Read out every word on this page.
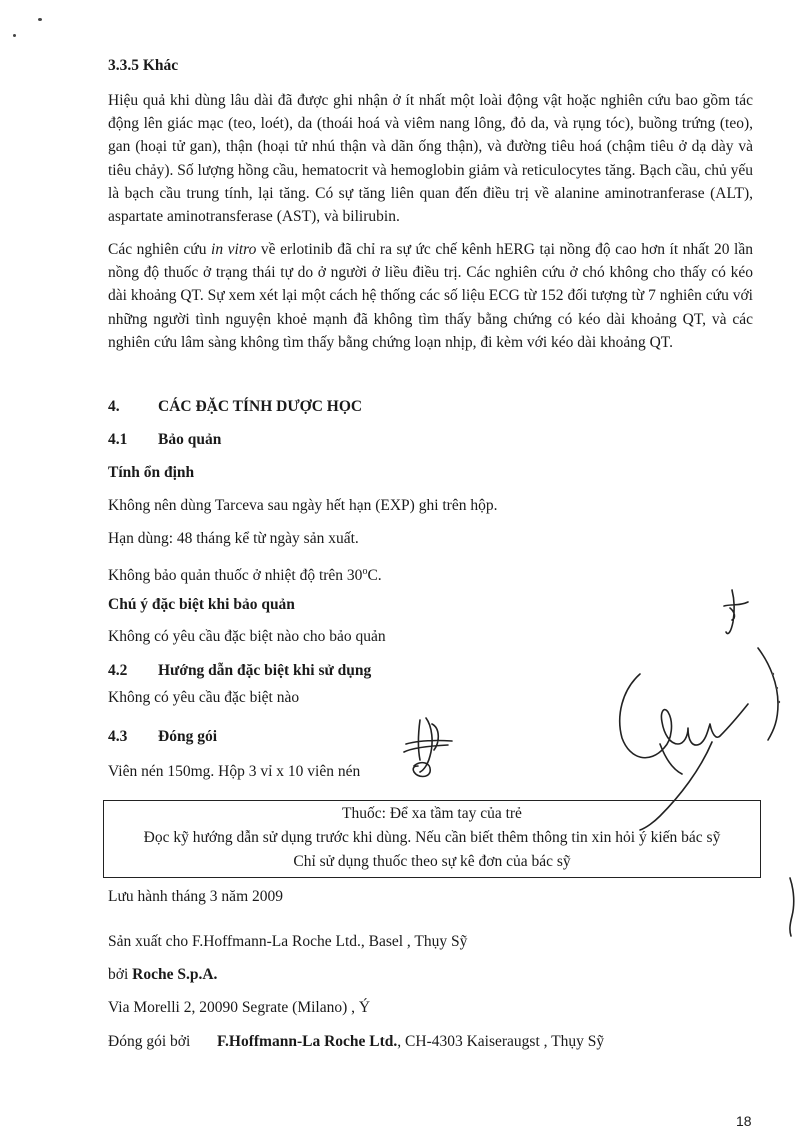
3.3.5 Khác

Hiệu quả khi dùng lâu dài đã được ghi nhận ở ít nhất một loài động vật hoặc nghiên cứu bao gồm tác động lên giác mạc (teo, loét), da (thoái hoá và viêm nang lông, đỏ da, và rụng tóc), buồng trứng (teo), gan (hoại tử gan), thận (hoại tử nhú thận và dãn ống thận), và đường tiêu hoá (chậm tiêu ở dạ dày và tiêu chảy). Số lượng hồng cầu, hematocrit và hemoglobin giảm và reticulocytes tăng. Bạch cầu, chủ yếu là bạch cầu trung tính, lại tăng. Có sự tăng liên quan đến điều trị về alanine aminotranferase (ALT), aspartate aminotransferase (AST), và bilirubin.

Các nghiên cứu in vitro về erlotinib đã chỉ ra sự ức chế kênh hERG tại nồng độ cao hơn ít nhất 20 lần nồng độ thuốc ở trạng thái tự do ở người ở liều điều trị. Các nghiên cứu ở chó không cho thấy có kéo dài khoảng QT. Sự xem xét lại một cách hệ thống các số liệu ECG từ 152 đối tượng từ 7 nghiên cứu với những người tình nguyện khoẻ mạnh đã không tìm thấy bằng chứng có kéo dài khoảng QT, và các nghiên cứu lâm sàng không tìm thấy bằng chứng loạn nhịp, đi kèm với kéo dài khoảng QT.

4. CÁC ĐẶC TÍNH DƯỢC HỌC

4.1 Bảo quản

Tính ổn định

Không nên dùng Tarceva sau ngày hết hạn (EXP) ghi trên hộp.

Hạn dùng: 48 tháng kể từ ngày sản xuất.

Không bảo quản thuốc ở nhiệt độ trên 30$^o$C.

Chú ý đặc biệt khi bảo quản

Không có yêu cầu đặc biệt nào cho bảo quản

4.2 Hướng dẫn đặc biệt khi sử dụng

Không có yêu cầu đặc biệt nào

4.3 Đóng gói

Viên nén 150mg. Hộp 3 vỉ x 10 viên nén

Thuốc: Để xa tầm tay của trẻ
Đọc kỹ hướng dẫn sử dụng trước khi dùng. Nếu cần biết thêm thông tin xin hỏi ý kiến bác sỹ
Chỉ sử dụng thuốc theo sự kê đơn của bác sỹ

Lưu hành tháng 3 năm 2009

Sản xuất cho F.Hoffmann-La Roche Ltd., Basel , Thụy Sỹ

bởi Roche S.p.A.

Via Morelli 2, 20090 Segrate (Milano) , Ý

Đóng gói bởi F.Hoffmann-La Roche Ltd., CH-4303 Kaiseraugst , Thụy Sỹ

18
